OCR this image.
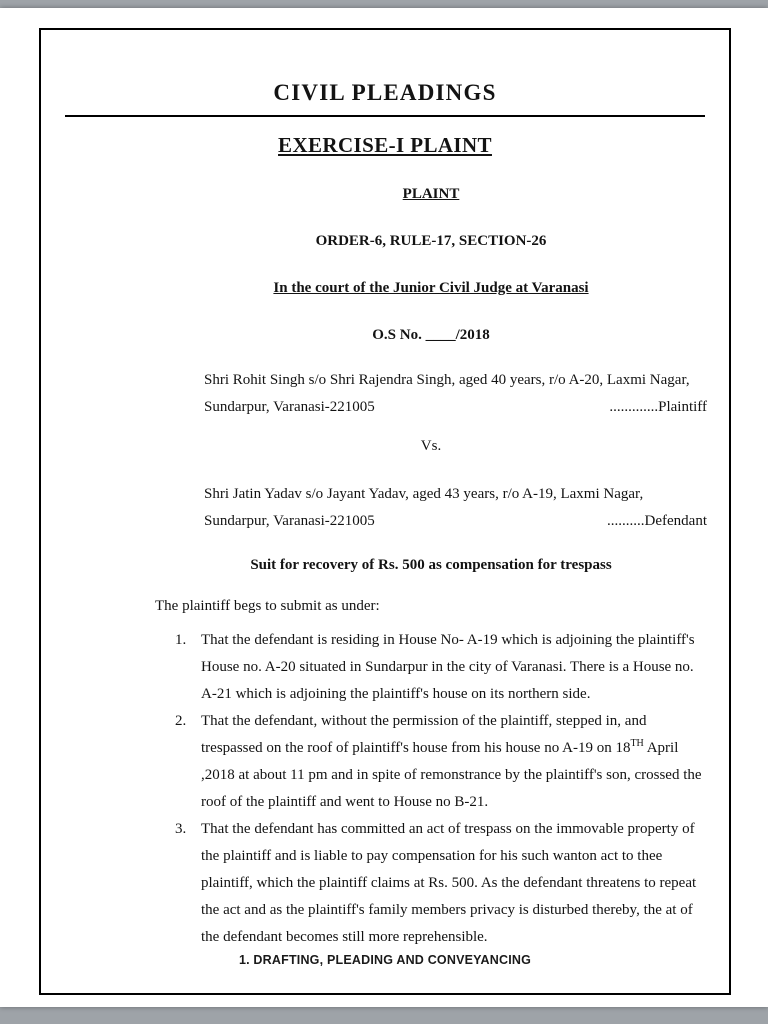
CIVIL PLEADINGS
EXERCISE-I PLAINT
PLAINT
ORDER-6, RULE-17, SECTION-26
In the court of the Junior Civil Judge at Varanasi
O.S No. ____/2018
Shri Rohit Singh s/o Shri Rajendra Singh, aged 40 years, r/o A-20, Laxmi Nagar,
Sundarpur, Varanasi-221005	.............Plaintiff
Vs.
Shri Jatin Yadav s/o Jayant Yadav, aged 43 years, r/o A-19, Laxmi Nagar,
Sundarpur, Varanasi-221005	..........Defendant
Suit for recovery of Rs. 500 as compensation for trespass
The plaintiff begs to submit as under:
1. That the defendant is residing in House No- A-19 which is adjoining the plaintiff's House no. A-20 situated in Sundarpur in the city of Varanasi. There is a House no. A-21 which is adjoining the plaintiff's house on its northern side.
2. That the defendant, without the permission of the plaintiff, stepped in, and trespassed on the roof of plaintiff's house from his house no A-19 on 18TH April ,2018 at about 11 pm and in spite of remonstrance by the plaintiff's son, crossed the roof of the plaintiff and went to House no B-21.
3. That the defendant has committed an act of trespass on the immovable property of the plaintiff and is liable to pay compensation for his such wanton act to thee plaintiff, which the plaintiff claims at Rs. 500. As the defendant threatens to repeat the act and as the plaintiff's family members privacy is disturbed thereby, the at of the defendant becomes still more reprehensible.
1. DRAFTING, PLEADING AND CONVEYANCING
